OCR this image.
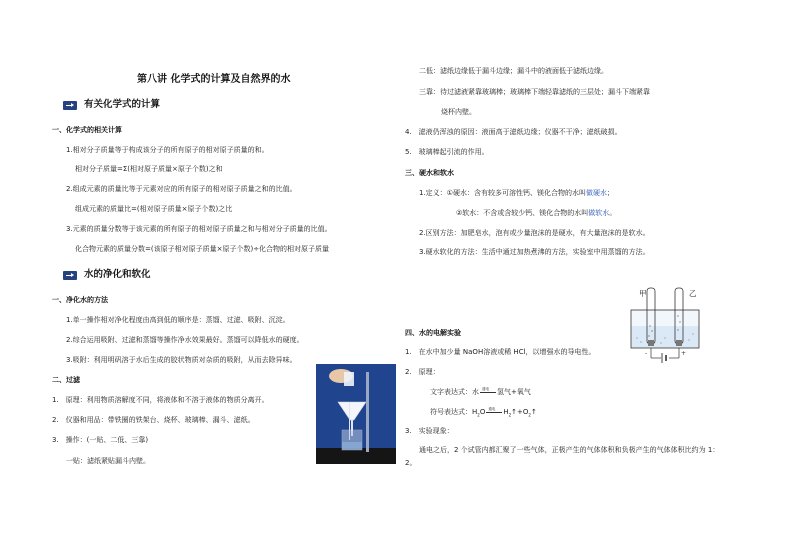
第八讲 化学式的计算及自然界的水
有关化学式的计算
一、化学式的相关计算
1.相对分子质量等于构成该分子的所有原子的相对原子质量的和。
相对分子质量=Σ(相对原子质量×原子个数)之和
2.组成元素的质量比等于元素对应的所有原子的相对原子质量之和的比值。
组成元素的质量比=(相对原子质量×原子个数)之比
3.元素的质量分数等于该元素的所有原子的相对原子质量之和与相对分子质量的比值。
化合物元素的质量分数=(该原子相对原子质量×原子个数)÷化合物的相对原子质量
水的净化和软化
一、净化水的方法
1.单一操作相对净化程度由高到低的顺序是：蒸馏、过滤、吸附、沉淀。
2.综合运用吸附、过滤和蒸馏等操作净水效果最好。蒸馏可以降低水的硬度。
3.吸附：利用明矾溶于水后生成的胶状物质对杂质的吸附，从而去除异味。
二、过滤
1.　原理：利用物质溶解度不同，将液体和不溶于液体的物质分离开。
2.　仪器和用品：带铁圈的铁架台、烧杯、玻璃棒、漏斗、滤纸。
3.　操作：(一贴、二低、三靠)
一贴：滤纸紧贴漏斗内壁。
二低：滤纸边缘低于漏斗边缘；漏斗中的液面低于滤纸边缘。
三靠：待过滤液紧靠玻璃棒；玻璃棒下端轻靠滤纸的三层处；漏斗下端紧靠
烧杯内壁。
4.　滤液仍浑浊的原因：液面高于滤纸边缘；仪器不干净；滤纸破损。
5.　玻璃棒起引流的作用。
三、硬水和软水
1.定义：①硬水：含有较多可溶性钙、镁化合物的水叫做硬水；
②软水：不含或含较少钙、镁化合物的水叫做软水。
2.区别方法：加肥皂水，泡有或少量泡沫的是硬水，有大量泡沫的是软水。
3.硬水软化的方法：生活中通过加热煮沸的方法，实验室中用蒸馏的方法。
甲	乙
-	+
四、水的电解实验
1.　在水中加少量 NaOH溶液或稀 HCl，以增强水的导电性。
2.　原理：
文字表达式：水 通电 氢气+氧气
符号表达式：$H_2O$ 通电 $H_2↑+O_2↑$
3.　实验现象：
通电之后，2 个试管内都汇聚了一些气体，正极产生的气体体积和负极产生的气体体积比约为 1：
2。
